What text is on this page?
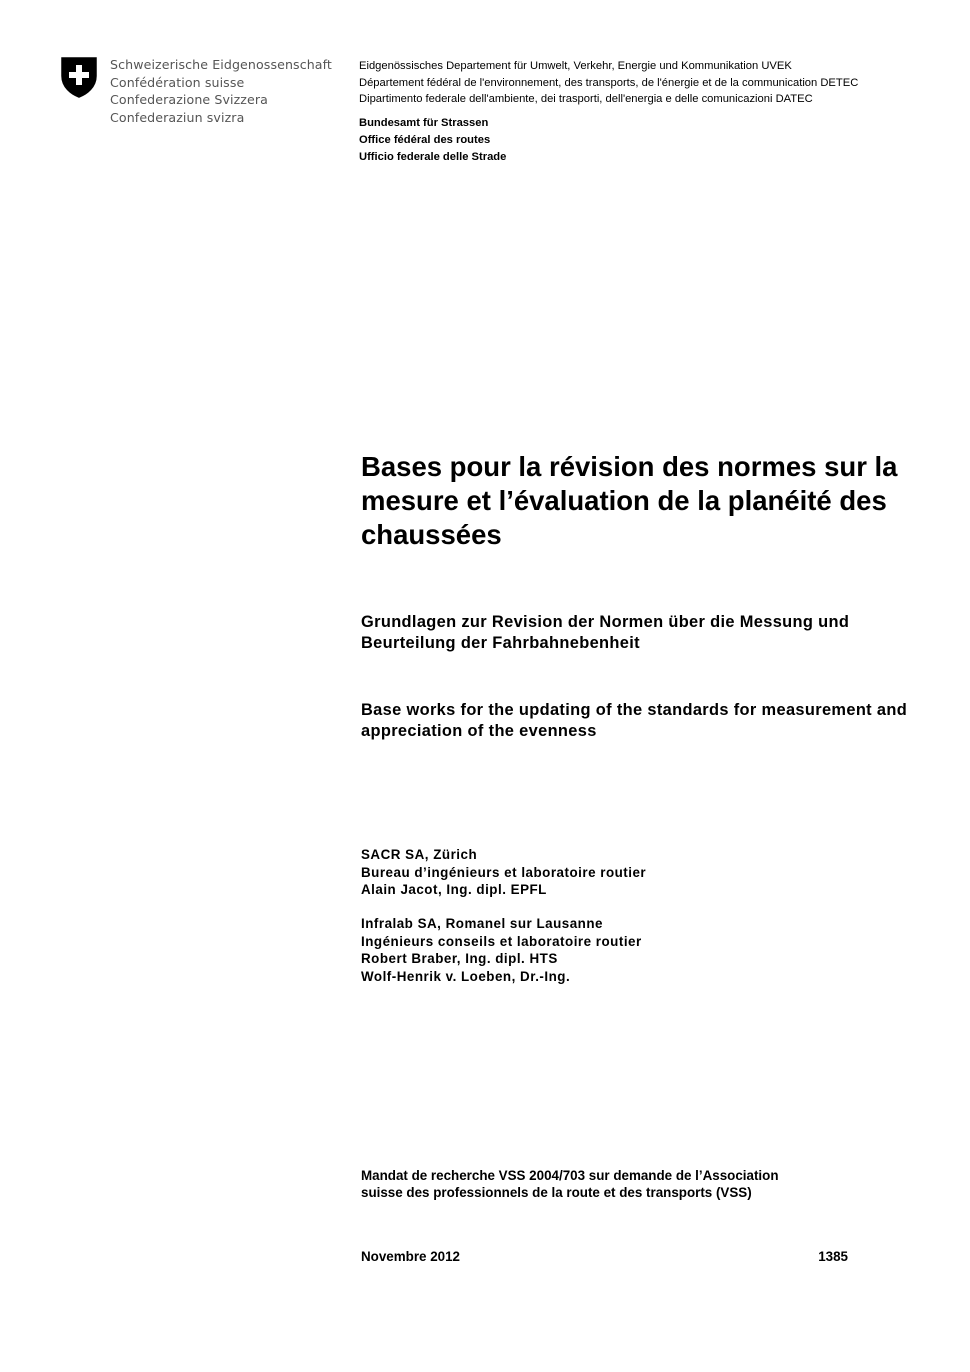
Schweizerische Eidgenossenschaft
Confédération suisse
Confederazione Svizzera
Confederaziun svizra
Eidgenössisches Departement für Umwelt, Verkehr, Energie und Kommunikation UVEK
Département fédéral de l'environnement, des transports, de l'énergie et de la communication DETEC
Dipartimento federale dell'ambiente, dei trasporti, dell'energia e delle comunicazioni DATEC
Bundesamt für Strassen
Office fédéral des routes
Ufficio federale delle Strade
Bases pour la révision des normes sur la mesure et l’évaluation de la planéité des chaussées
Grundlagen zur Revision der Normen über die Messung und Beurteilung der Fahrbahnebenheit
Base works for the updating of the standards for measurement and appreciation of the evenness
SACR SA, Zürich
Bureau d’ingénieurs et laboratoire routier
Alain Jacot, Ing. dipl. EPFL
Infralab SA, Romanel sur Lausanne
Ingénieurs conseils et laboratoire routier
Robert Braber, Ing. dipl. HTS
Wolf-Henrik v. Loeben, Dr.-Ing.
Mandat de recherche VSS 2004/703 sur demande de l’Association
suisse des professionnels de la route et des transports (VSS)
Novembre 2012	1385
